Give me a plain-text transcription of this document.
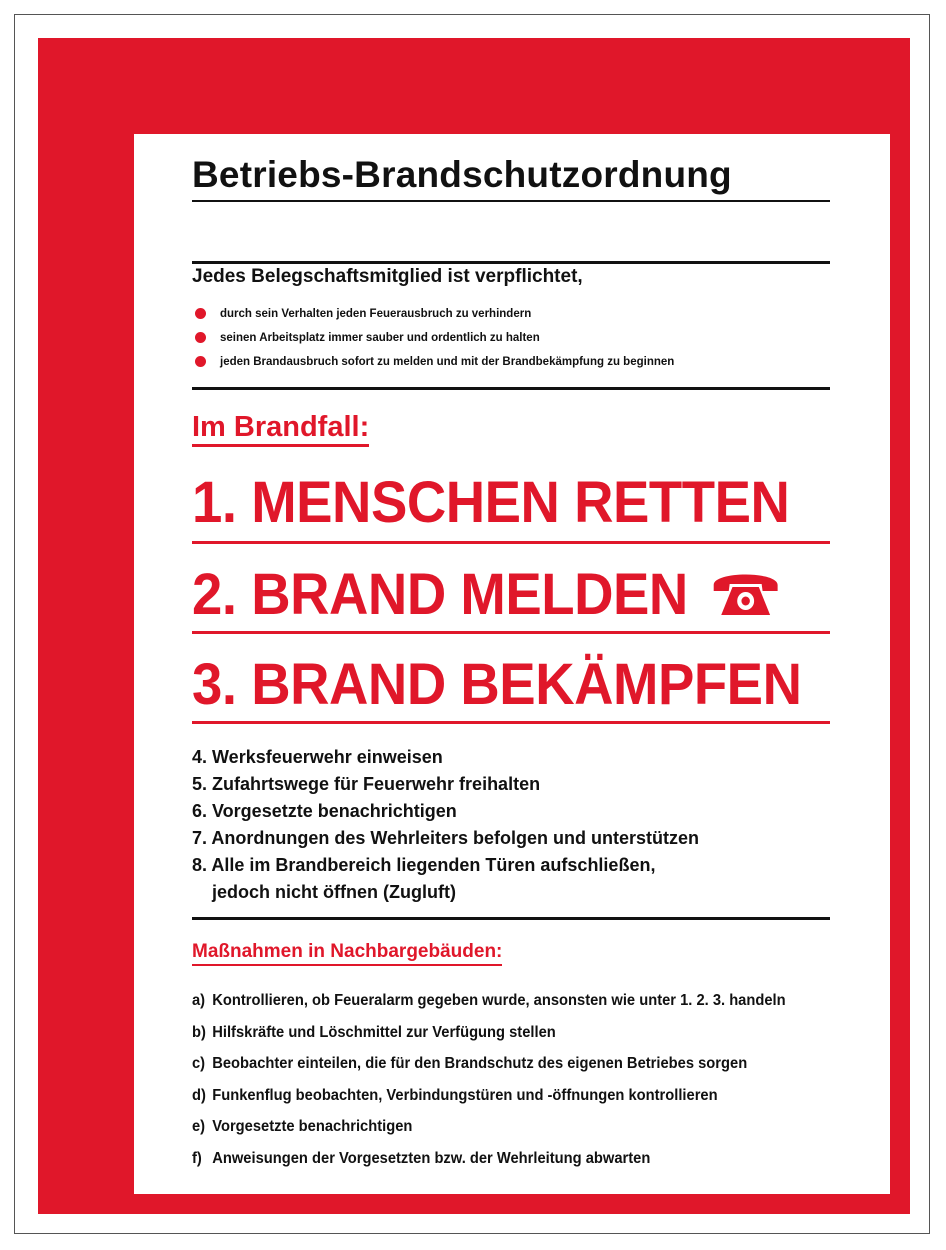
Betriebs-Brandschutzordnung
Jedes Belegschaftsmitglied ist verpflichtet,
durch sein Verhalten jeden Feuerausbruch zu verhindern
seinen Arbeitsplatz immer sauber und ordentlich zu halten
jeden Brandausbruch sofort zu melden und mit der Brandbekämpfung zu beginnen
Im Brandfall:
1. MENSCHEN RETTEN
2. BRAND MELDEN
3. BRAND BEKÄMPFEN
4. Werksfeuerwehr einweisen
5. Zufahrtswege für Feuerwehr freihalten
6. Vorgesetzte benachrichtigen
7. Anordnungen des Wehrleiters befolgen und unterstützen
8. Alle im Brandbereich liegenden Türen aufschließen,
jedoch nicht öffnen (Zugluft)
Maßnahmen in Nachbargebäuden:
a) Kontrollieren, ob Feueralarm gegeben wurde, ansonsten wie unter 1. 2. 3. handeln
b) Hilfskräfte und Löschmittel zur Verfügung stellen
c) Beobachter einteilen, die für den Brandschutz des eigenen Betriebes sorgen
d) Funkenflug beobachten, Verbindungstüren und -öffnungen kontrollieren
e) Vorgesetzte benachrichtigen
f) Anweisungen der Vorgesetzten bzw. der Wehrleitung abwarten
